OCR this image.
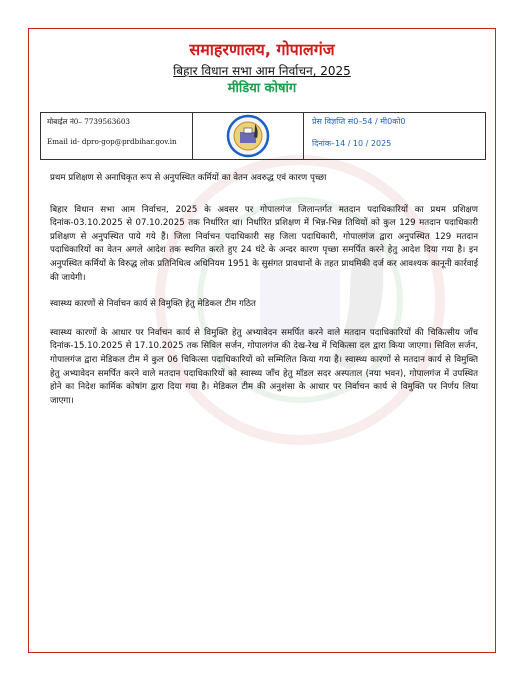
समाहरणालय, गोपालगंज
बिहार विधान सभा आम निर्वाचन, 2025
मीडिया कोषांग
मोबाईल नं0– 7739563603
Email id- dpro-gop@prdbihar.gov.in
प्रेस विज्ञप्ति सं0–54 / मी0को0
दिनांक–14 / 10 / 2025

प्रथम प्रशिक्षण से अनाधिकृत रूप से अनुपस्थित कर्मियों का वेतन अवरुद्ध एवं कारण पृच्छा

बिहार विधान सभा आम निर्वाचन, 2025 के अवसर पर गोपालगंज जिलान्तर्गत मतदान पदाधिकारियों का प्रथम प्रशिक्षण दिनांक-03.10.2025 से 07.10.2025 तक निर्धारित था। निर्धारित प्रशिक्षण में भिन्न-भिन्न तिथियों को कुल 129 मतदान पदाधिकारी प्रशिक्षण से अनुपस्थित पाये गये हैं। जिला निर्वाचन पदाधिकारी सह जिला पदाधिकारी, गोपालगंज द्वारा अनुपस्थित 129 मतदान पदाधिकारियों का वेतन अगले आदेश तक स्थगित करते हुए 24 घंटे के अन्दर कारण पृच्छा समर्पित करने हेतु आदेश दिया गया है। इन अनुपस्थित कर्मियों के विरुद्ध लोक प्रतिनिधित्व अधिनियम 1951 के सुसंगत प्रावधानों के तहत प्राथमिकी दर्ज कर आवश्यक कानूनी कार्रवाई की जायेगी।

स्वास्थ्य कारणों से निर्वाचन कार्य से विमुक्ति हेतु मेडिकल टीम गठित

स्वास्थ्य कारणों के आधार पर निर्वाचन कार्य से विमुक्ति हेतु अभ्यावेदन समर्पित करने वाले मतदान पदाधिकारियों की चिकित्सीय जाँच दिनांक-15.10.2025 से 17.10.2025 तक सिविल सर्जन, गोपालगंज की देख-रेख में चिकित्सा दल द्वारा किया जाएगा। सिविल सर्जन, गोपालगंज द्वारा मेडिकल टीम में कुल 06 चिकित्सा पदाधिकारियों को सम्मिलित किया गया है। स्वास्थ्य कारणों से मतदान कार्य से विमुक्ति हेतु अभ्यावेदन समर्पित करने वाले मतदान पदाधिकारियों को स्वास्थ्य जाँच हेतु मॉडल सदर अस्पताल (नया भवन), गोपालगंज में उपस्थित होने का निदेश कार्मिक कोषांग द्वारा दिया गया है। मेडिकल टीम की अनुशंसा के आधार पर निर्वाचन कार्य से विमुक्ति पर निर्णय लिया जाएगा।
